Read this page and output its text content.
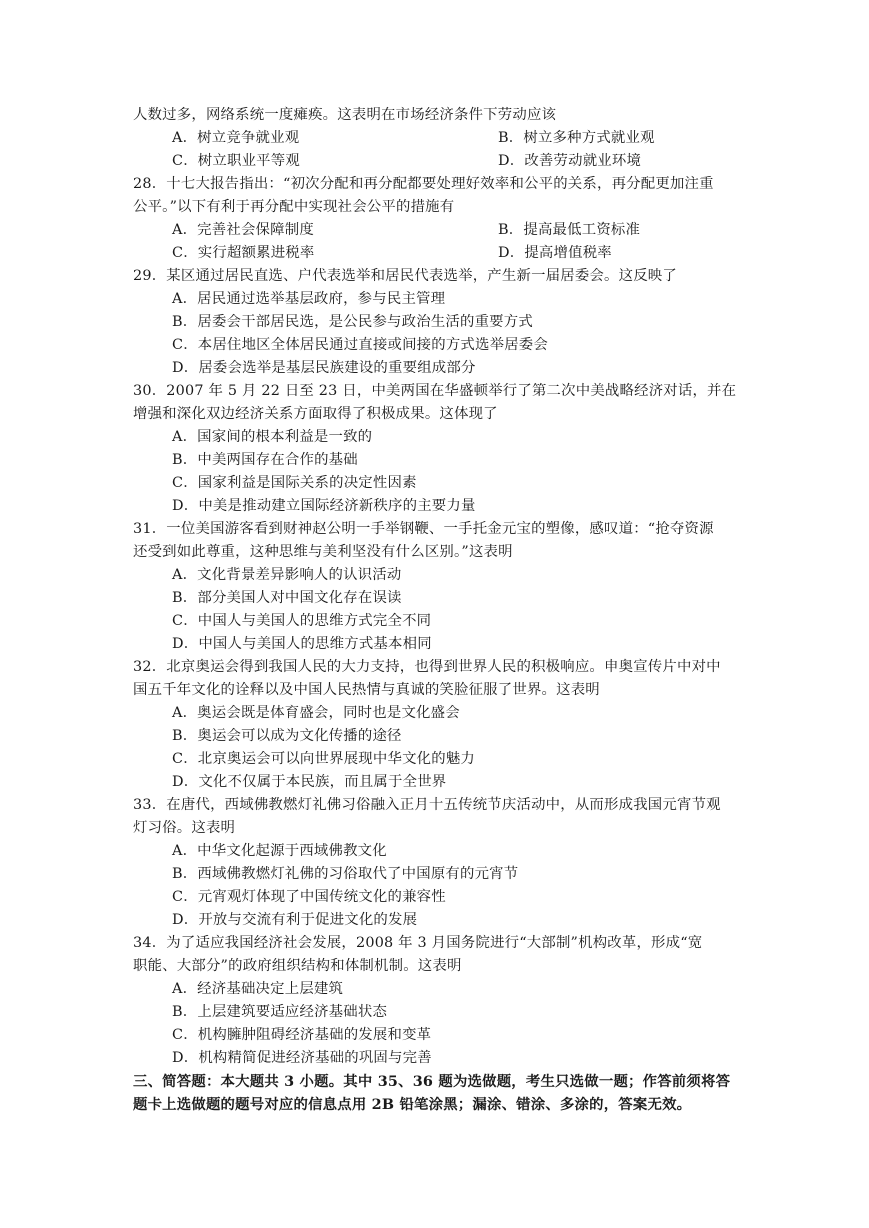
人数过多，网络系统一度瘫痪。这表明在市场经济条件下劳动应该
A．树立竞争就业观	B．树立多种方式就业观
C．树立职业平等观	D．改善劳动就业环境
28．十七大报告指出：“初次分配和再分配都要处理好效率和公平的关系，再分配更加注重
公平。”以下有利于再分配中实现社会公平的措施有
A．完善社会保障制度	B．提高最低工资标准
C．实行超额累进税率	D．提高增值税率
29．某区通过居民直选、户代表选举和居民代表选举，产生新一届居委会。这反映了
A．居民通过选举基层政府，参与民主管理
B．居委会干部居民选，是公民参与政治生活的重要方式
C．本居住地区全体居民通过直接或间接的方式选举居委会
D．居委会选举是基层民族建设的重要组成部分
30．2007 年 5 月 22 日至 23 日，中美两国在华盛顿举行了第二次中美战略经济对话，并在
增强和深化双边经济关系方面取得了积极成果。这体现了
A．国家间的根本利益是一致的
B．中美两国存在合作的基础
C．国家利益是国际关系的决定性因素
D．中美是推动建立国际经济新秩序的主要力量
31．一位美国游客看到财神赵公明一手举钢鞭、一手托金元宝的塑像，感叹道：“抢夺资源
还受到如此尊重，这种思维与美利坚没有什么区别。”这表明
A．文化背景差异影响人的认识活动
B．部分美国人对中国文化存在误读
C．中国人与美国人的思维方式完全不同
D．中国人与美国人的思维方式基本相同
32．北京奥运会得到我国人民的大力支持，也得到世界人民的积极响应。申奥宣传片中对中
国五千年文化的诠释以及中国人民热情与真诚的笑脸征服了世界。这表明
A．奥运会既是体育盛会，同时也是文化盛会
B．奥运会可以成为文化传播的途径
C．北京奥运会可以向世界展现中华文化的魅力
D．文化不仅属于本民族，而且属于全世界
33．在唐代，西域佛教燃灯礼佛习俗融入正月十五传统节庆活动中，从而形成我国元宵节观
灯习俗。这表明
A．中华文化起源于西域佛教文化
B．西域佛教燃灯礼佛的习俗取代了中国原有的元宵节
C．元宵观灯体现了中国传统文化的兼容性
D．开放与交流有利于促进文化的发展
34．为了适应我国经济社会发展，2008 年 3 月国务院进行“大部制”机构改革，形成“宽
职能、大部分”的政府组织结构和体制机制。这表明
A．经济基础决定上层建筑
B．上层建筑要适应经济基础状态
C．机构臃肿阻碍经济基础的发展和变革
D．机构精简促进经济基础的巩固与完善
三、简答题：本大题共 3 小题。其中 35、36 题为选做题，考生只选做一题；作答前须将答
题卡上选做题的题号对应的信息点用 2B 铅笔涂黑；漏涂、错涂、多涂的，答案无效。
